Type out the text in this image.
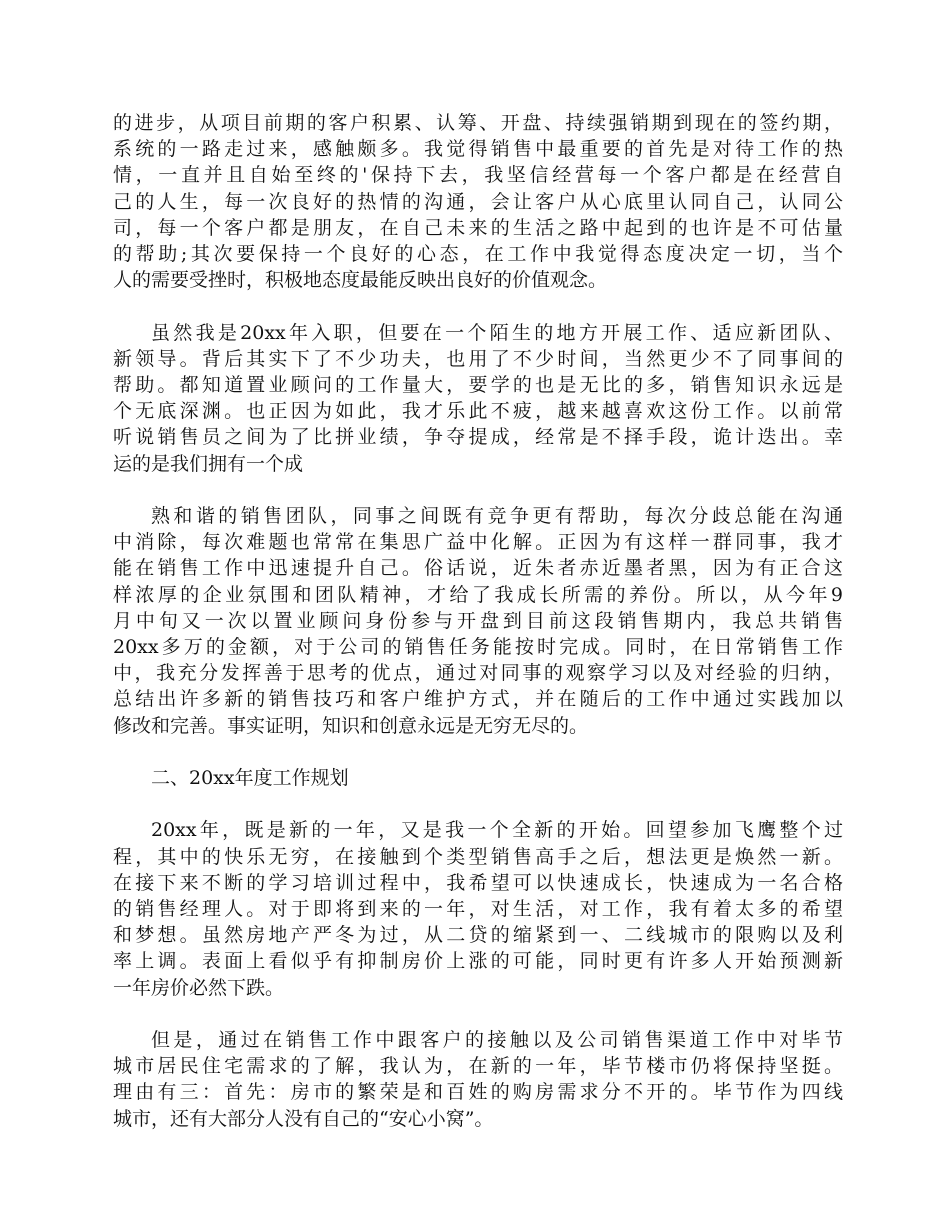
的进步，从项目前期的客户积累、认筹、开盘、持续强销期到现在的签约期，
系统的一路走过来，感触颇多。我觉得销售中最重要的首先是对待工作的热
情，一直并且自始至终的'保持下去，我坚信经营每一个客户都是在经营自
己的人生，每一次良好的热情的沟通，会让客户从心底里认同自己，认同公
司，每一个客户都是朋友，在自己未来的生活之路中起到的也许是不可估量
的帮助;其次要保持一个良好的心态，在工作中我觉得态度决定一切，当个
人的需要受挫时，积极地态度最能反映出良好的价值观念。
虽然我是20xx年入职，但要在一个陌生的地方开展工作、适应新团队、
新领导。背后其实下了不少功夫，也用了不少时间，当然更少不了同事间的
帮助。都知道置业顾问的工作量大，要学的也是无比的多，销售知识永远是
个无底深渊。也正因为如此，我才乐此不疲，越来越喜欢这份工作。以前常
听说销售员之间为了比拼业绩，争夺提成，经常是不择手段，诡计迭出。幸
运的是我们拥有一个成
熟和谐的销售团队，同事之间既有竞争更有帮助，每次分歧总能在沟通
中消除，每次难题也常常在集思广益中化解。正因为有这样一群同事，我才
能在销售工作中迅速提升自己。俗话说，近朱者赤近墨者黑，因为有正合这
样浓厚的企业氛围和团队精神，才给了我成长所需的养份。所以，从今年9
月中旬又一次以置业顾问身份参与开盘到目前这段销售期内，我总共销售
20xx多万的金额，对于公司的销售任务能按时完成。同时，在日常销售工作
中，我充分发挥善于思考的优点，通过对同事的观察学习以及对经验的归纳，
总结出许多新的销售技巧和客户维护方式，并在随后的工作中通过实践加以
修改和完善。事实证明，知识和创意永远是无穷无尽的。
二、20xx年度工作规划
20xx年，既是新的一年，又是我一个全新的开始。回望参加飞鹰整个过
程，其中的快乐无穷，在接触到个类型销售高手之后，想法更是焕然一新。
在接下来不断的学习培训过程中，我希望可以快速成长，快速成为一名合格
的销售经理人。对于即将到来的一年，对生活，对工作，我有着太多的希望
和梦想。虽然房地产严冬为过，从二贷的缩紧到一、二线城市的限购以及利
率上调。表面上看似乎有抑制房价上涨的可能，同时更有许多人开始预测新
一年房价必然下跌。
但是，通过在销售工作中跟客户的接触以及公司销售渠道工作中对毕节
城市居民住宅需求的了解，我认为，在新的一年，毕节楼市仍将保持坚挺。
理由有三：首先：房市的繁荣是和百姓的购房需求分不开的。毕节作为四线
城市，还有大部分人没有自己的“安心小窝”。
